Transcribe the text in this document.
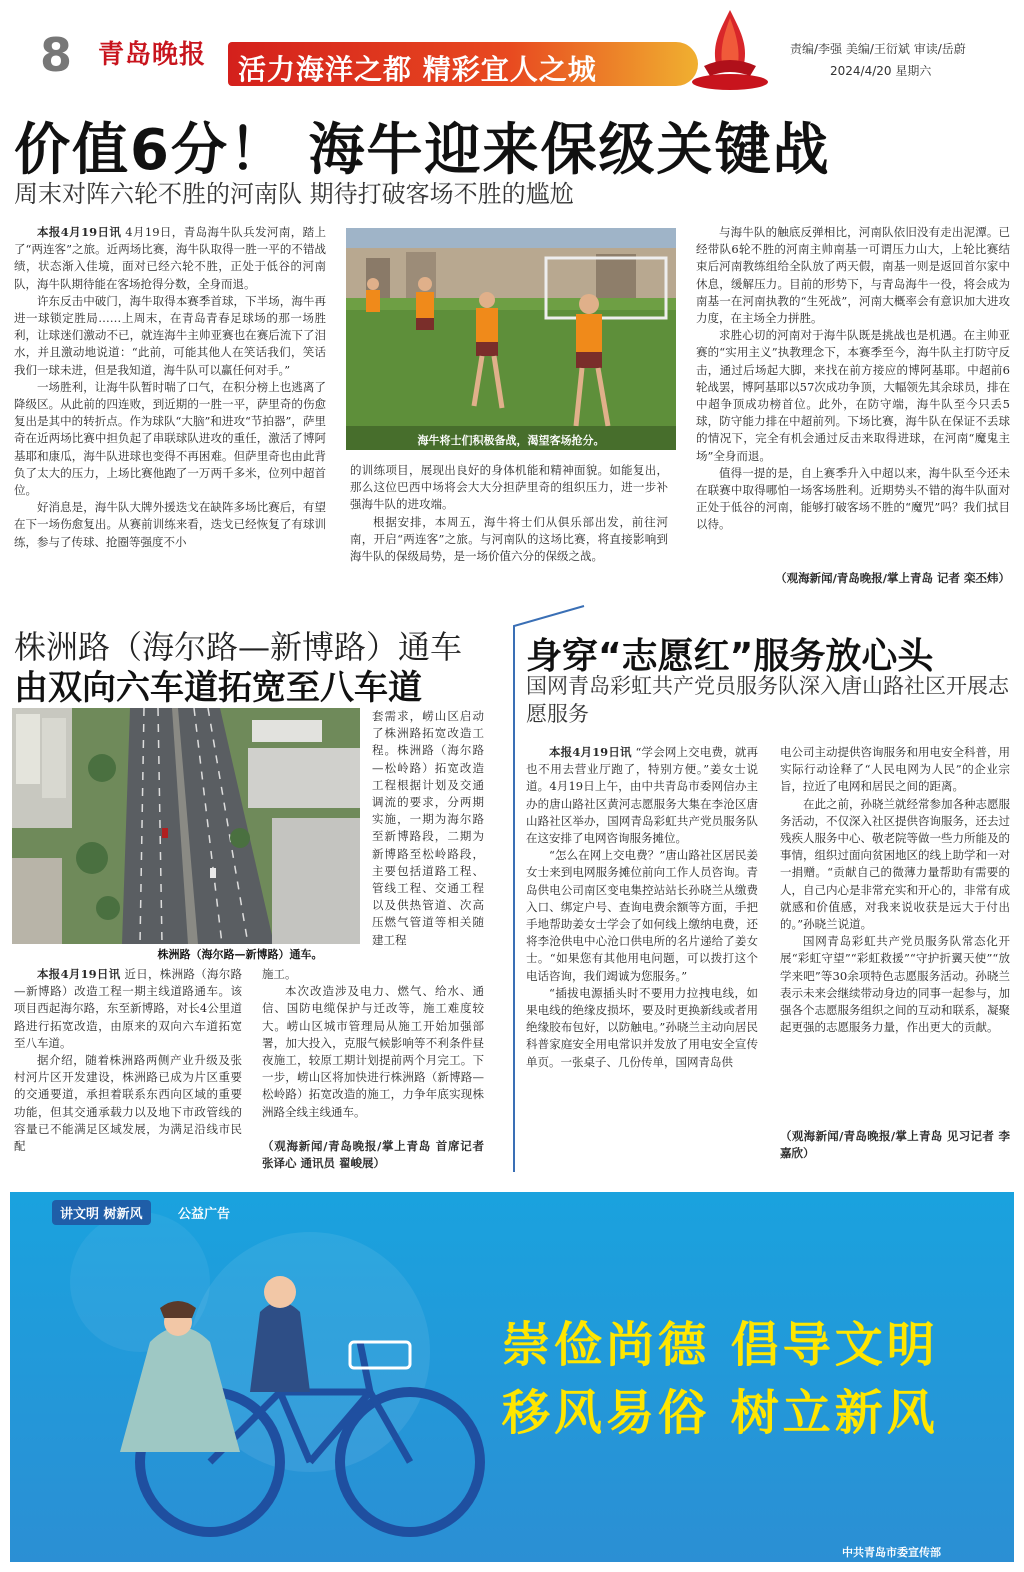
8 青岛晚报	活力海洋之都 精彩宜人之城
责编/李强 美编/王衍斌 审读/岳蔚
2024/4/20 星期六
价值6分！ 海牛迎来保级关键战
周末对阵六轮不胜的河南队 期待打破客场不胜的尴尬

本报4月19日讯 4月19日，青岛海牛队兵发河南，踏上了“两连客”之旅。近两场比赛，海牛队取得一胜一平的不错战绩，状态渐入佳境，面对已经六轮不胜，正处于低谷的河南队，海牛队期待能在客场抢得分数，全身而退。

许东反击中破门，海牛取得本赛季首球，下半场，海牛再进一球锁定胜局……上周末，在青岛青春足球场的那一场胜利，让球迷们激动不已，就连海牛主帅亚赛也在赛后流下了泪水，并且激动地说道：“此前，可能其他人在笑话我们，笑话我们一球未进，但是我知道，海牛队可以赢任何对手。”

一场胜利，让海牛队暂时喘了口气，在积分榜上也逃离了降级区。从此前的四连败，到近期的一胜一平，萨里奇的伤愈复出是其中的转折点。作为球队“大脑”和进攻“节拍器”，萨里奇在近两场比赛中担负起了串联球队进攻的重任，激活了博阿基耶和康瓜，海牛队进球也变得不再困难。但萨里奇也由此背负了太大的压力，上场比赛他跑了一万两千多米，位列中超首位。

好消息是，海牛队大牌外援迭戈在缺阵多场比赛后，有望在下一场伤愈复出。从赛前训练来看，迭戈已经恢复了有球训练，参与了传球、抢圈等强度不小

海牛将士们积极备战，渴望客场抢分。

的训练项目，展现出良好的身体机能和精神面貌。如能复出，那么这位巴西中场将会大大分担萨里奇的组织压力，进一步补强海牛队的进攻端。

根据安排，本周五，海牛将士们从俱乐部出发，前往河南，开启“两连客”之旅。与河南队的这场比赛，将直接影响到海牛队的保级局势，是一场价值六分的保级之战。

与海牛队的触底反弹相比，河南队依旧没有走出泥潭。已经带队6轮不胜的河南主帅南基一可谓压力山大，上轮比赛结束后河南教练组给全队放了两天假，南基一则是返回首尔家中休息，缓解压力。目前的形势下，与青岛海牛一役，将会成为南基一在河南执教的“生死战”，河南大概率会有意识加大进攻力度，在主场全力拼胜。

求胜心切的河南对于海牛队既是挑战也是机遇。在主帅亚赛的“实用主义”执教理念下，本赛季至今，海牛队主打防守反击，通过后场起大脚，来找在前方接应的博阿基耶。中超前6轮战罢，博阿基耶以57次成功争顶，大幅领先其余球员，排在中超争顶成功榜首位。此外，在防守端，海牛队至今只丢5球，防守能力排在中超前列。下场比赛，海牛队在保证不丢球的情况下，完全有机会通过反击来取得进球，在河南“魔鬼主场”全身而退。

值得一提的是，自上赛季升入中超以来，海牛队至今还未在联赛中取得哪怕一场客场胜利。近期势头不错的海牛队面对正处于低谷的河南，能够打破客场不胜的“魔咒”吗？我们拭目以待。

（观海新闻/青岛晚报/掌上青岛 记者 栾丕炜）
株洲路（海尔路—新博路）通车
由双向六车道拓宽至八车道
株洲路（海尔路—新博路）通车。

套需求，崂山区启动了株洲路拓宽改造工程。株洲路（海尔路—松岭路）拓宽改造工程根据计划及交通调流的要求，分两期实施，一期为海尔路至新博路段，二期为新博路至松岭路段，主要包括道路工程、管线工程、交通工程以及供热管道、次高压燃气管道等相关随建工程

本报4月19日讯 近日，株洲路（海尔路—新博路）改造工程一期主线道路通车。该项目西起海尔路，东至新博路，对长4公里道路进行拓宽改造，由原来的双向六车道拓宽至八车道。

据介绍，随着株洲路两侧产业升级及张村河片区开发建设，株洲路已成为片区重要的交通要道，承担着联系东西向区域的重要功能，但其交通承载力以及地下市政管线的容量已不能满足区域发展，为满足沿线市民配

施工。

本次改造涉及电力、燃气、给水、通信、国防电缆保护与迁改等，施工难度较大。崂山区城市管理局从施工开始加强部署，加大投入，克服气候影响等不利条件昼夜施工，较原工期计划提前两个月完工。下一步，崂山区将加快进行株洲路（新博路—松岭路）拓宽改造的施工，力争年底实现株洲路全线主线通车。

（观海新闻/青岛晚报/掌上青岛 首席记者 张译心 通讯员 翟峻展）
身穿“志愿红”服务放心头
国网青岛彩虹共产党员服务队深入唐山路社区开展志愿服务

本报4月19日讯 “学会网上交电费，就再也不用去营业厅跑了，特别方便。”姜女士说道。4月19日上午，由中共青岛市委网信办主办的唐山路社区黄河志愿服务大集在李沧区唐山路社区举办，国网青岛彩虹共产党员服务队在这安排了电网咨询服务摊位。

“怎么在网上交电费？”唐山路社区居民姜女士来到电网服务摊位前向工作人员咨询。青岛供电公司南区变电集控站站长孙晓兰从缴费入口、绑定户号、查询电费余额等方面，手把手地帮助姜女士学会了如何线上缴纳电费，还将李沧供电中心沧口供电所的名片递给了姜女士。“如果您有其他用电问题，可以拨打这个电话咨询，我们竭诚为您服务。”

“插拔电源插头时不要用力拉拽电线，如果电线的绝缘皮损坏，要及时更换新线或者用绝缘胶布包好，以防触电。”孙晓兰主动向居民科普家庭安全用电常识并发放了用电安全宣传单页。一张桌子、几份传单，国网青岛供

电公司主动提供咨询服务和用电安全科普，用实际行动诠释了“人民电网为人民”的企业宗旨，拉近了电网和居民之间的距离。

在此之前，孙晓兰就经常参加各种志愿服务活动，不仅深入社区提供咨询服务，还去过残疾人服务中心、敬老院等做一些力所能及的事情，组织过面向贫困地区的线上助学和一对一捐赠。“贡献自己的微薄力量帮助有需要的人，自己内心是非常充实和开心的，非常有成就感和价值感，对我来说收获是远大于付出的。”孙晓兰说道。

国网青岛彩虹共产党员服务队常态化开展“彩虹守望”“彩虹救援”“守护折翼天使”“放学来吧”等30余项特色志愿服务活动。孙晓兰表示未来会继续带动身边的同事一起参与，加强各个志愿服务组织之间的互动和联系，凝聚起更强的志愿服务力量，作出更大的贡献。

（观海新闻/青岛晚报/掌上青岛 见习记者 李嘉欣）
讲文明 树新风	公益广告
崇俭尚德 倡导文明
移风易俗 树立新风
中共青岛市委宣传部
